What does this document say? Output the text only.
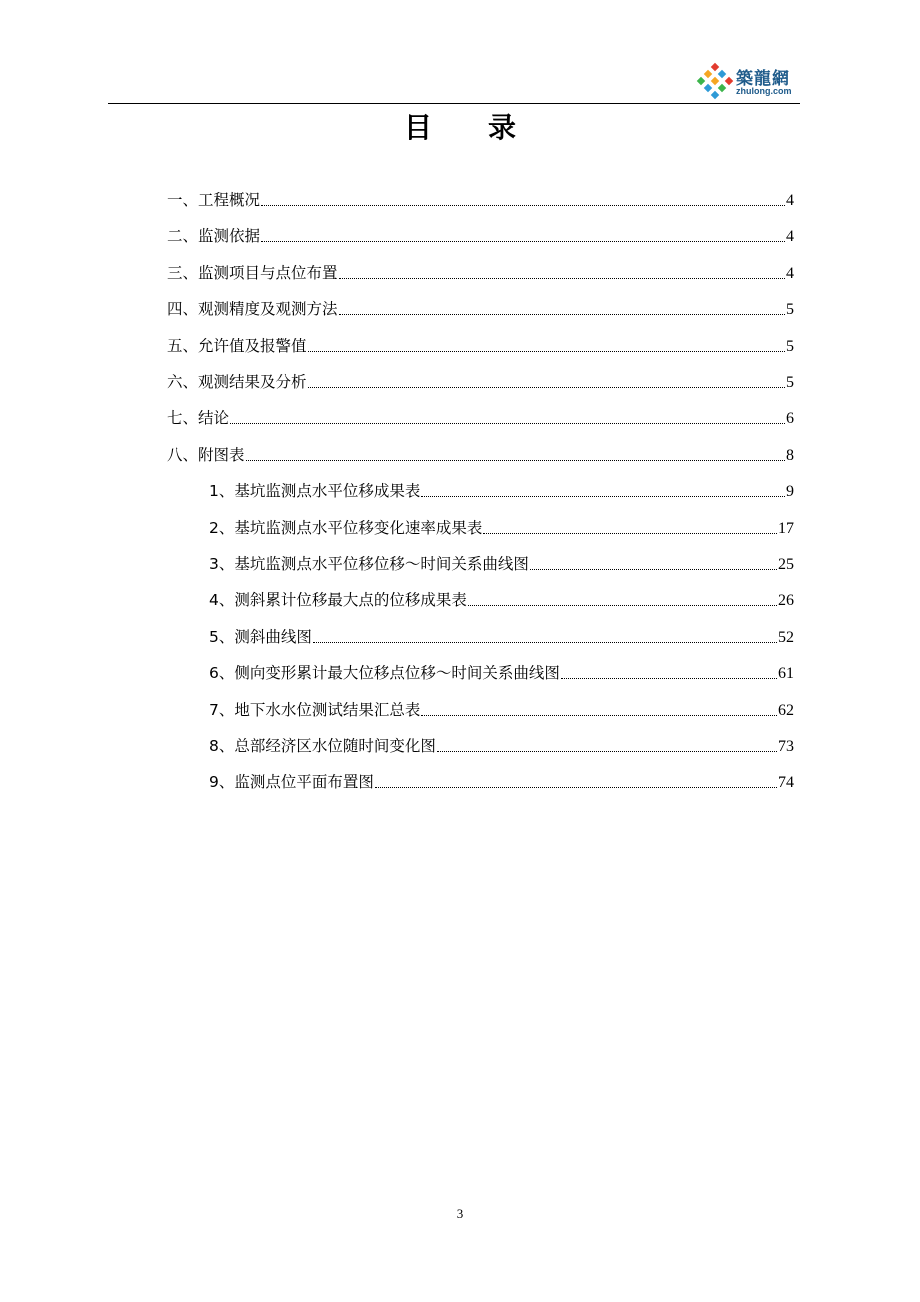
築龍網
zhulong.com
目录
一、工程概况	4
二、监测依据	4
三、监测项目与点位布置	4
四、观测精度及观测方法	5
五、允许值及报警值	5
六、观测结果及分析	5
七、结论	6
八、附图表	8
1、基坑监测点水平位移成果表	9
2、基坑监测点水平位移变化速率成果表	17
3、基坑监测点水平位移位移～时间关系曲线图	25
4、测斜累计位移最大点的位移成果表	26
5、测斜曲线图	52
6、侧向变形累计最大位移点位移～时间关系曲线图	61
7、地下水水位测试结果汇总表	62
8、总部经济区水位随时间变化图	73
9、监测点位平面布置图	74
3
